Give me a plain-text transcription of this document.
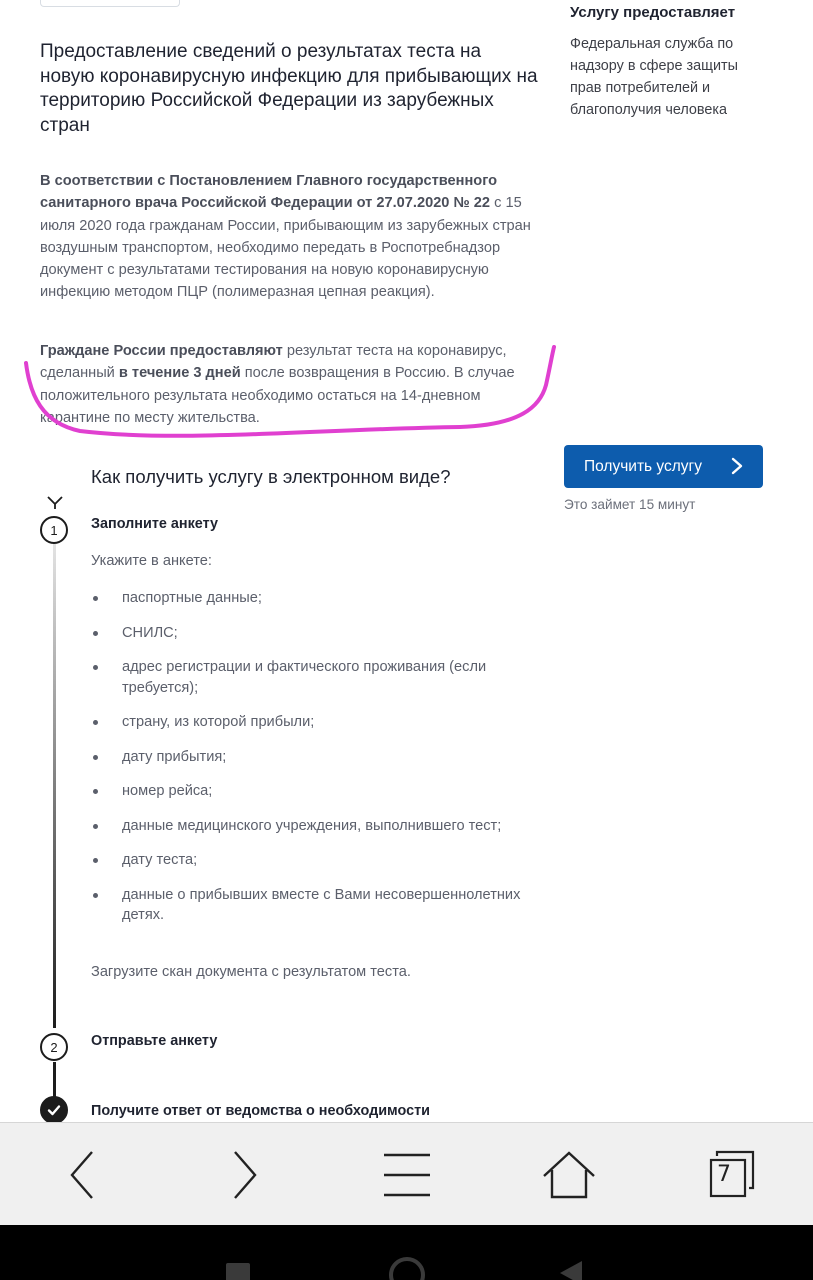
Предоставление сведений о результатах теста на новую коронавирусную инфекцию для прибывающих на территорию Российской Федерации из зарубежных стран

В соответствии с Постановлением Главного государственного санитарного врача Российской Федерации от 27.07.2020 № 22 с 15 июля 2020 года гражданам России, прибывающим из зарубежных стран воздушным транспортом, необходимо передать в Роспотребнадзор документ с результатами тестирования на новую коронавирусную инфекцию методом ПЦР (полимеразная цепная реакция).

Граждане России предоставляют результат теста на коронавирус, сделанный в течение 3 дней после возвращения в Россию. В случае положительного результата необходимо остаться на 14-дневном карантине по месту жительства.

Услугу предоставляет

Федеральная служба по надзору в сфере защиты прав потребителей и благополучия человека

Получить услугу

Это займет 15 минут

Как получить услугу в электронном виде?
1	Заполните анкету

Укажите в анкете:

паспортные данные;
СНИЛС;
адрес регистрации и фактического проживания (если требуется);
страну, из которой прибыли;
дату прибытия;
номер рейса;
данные медицинского учреждения, выполнившего тест;
дату теста;
данные о прибывших вместе с Вами несовершеннолетних детях.

Загрузите скан документа с результатом теста.

2	Отправьте анкету

Получите ответ от ведомства о необходимости

7
